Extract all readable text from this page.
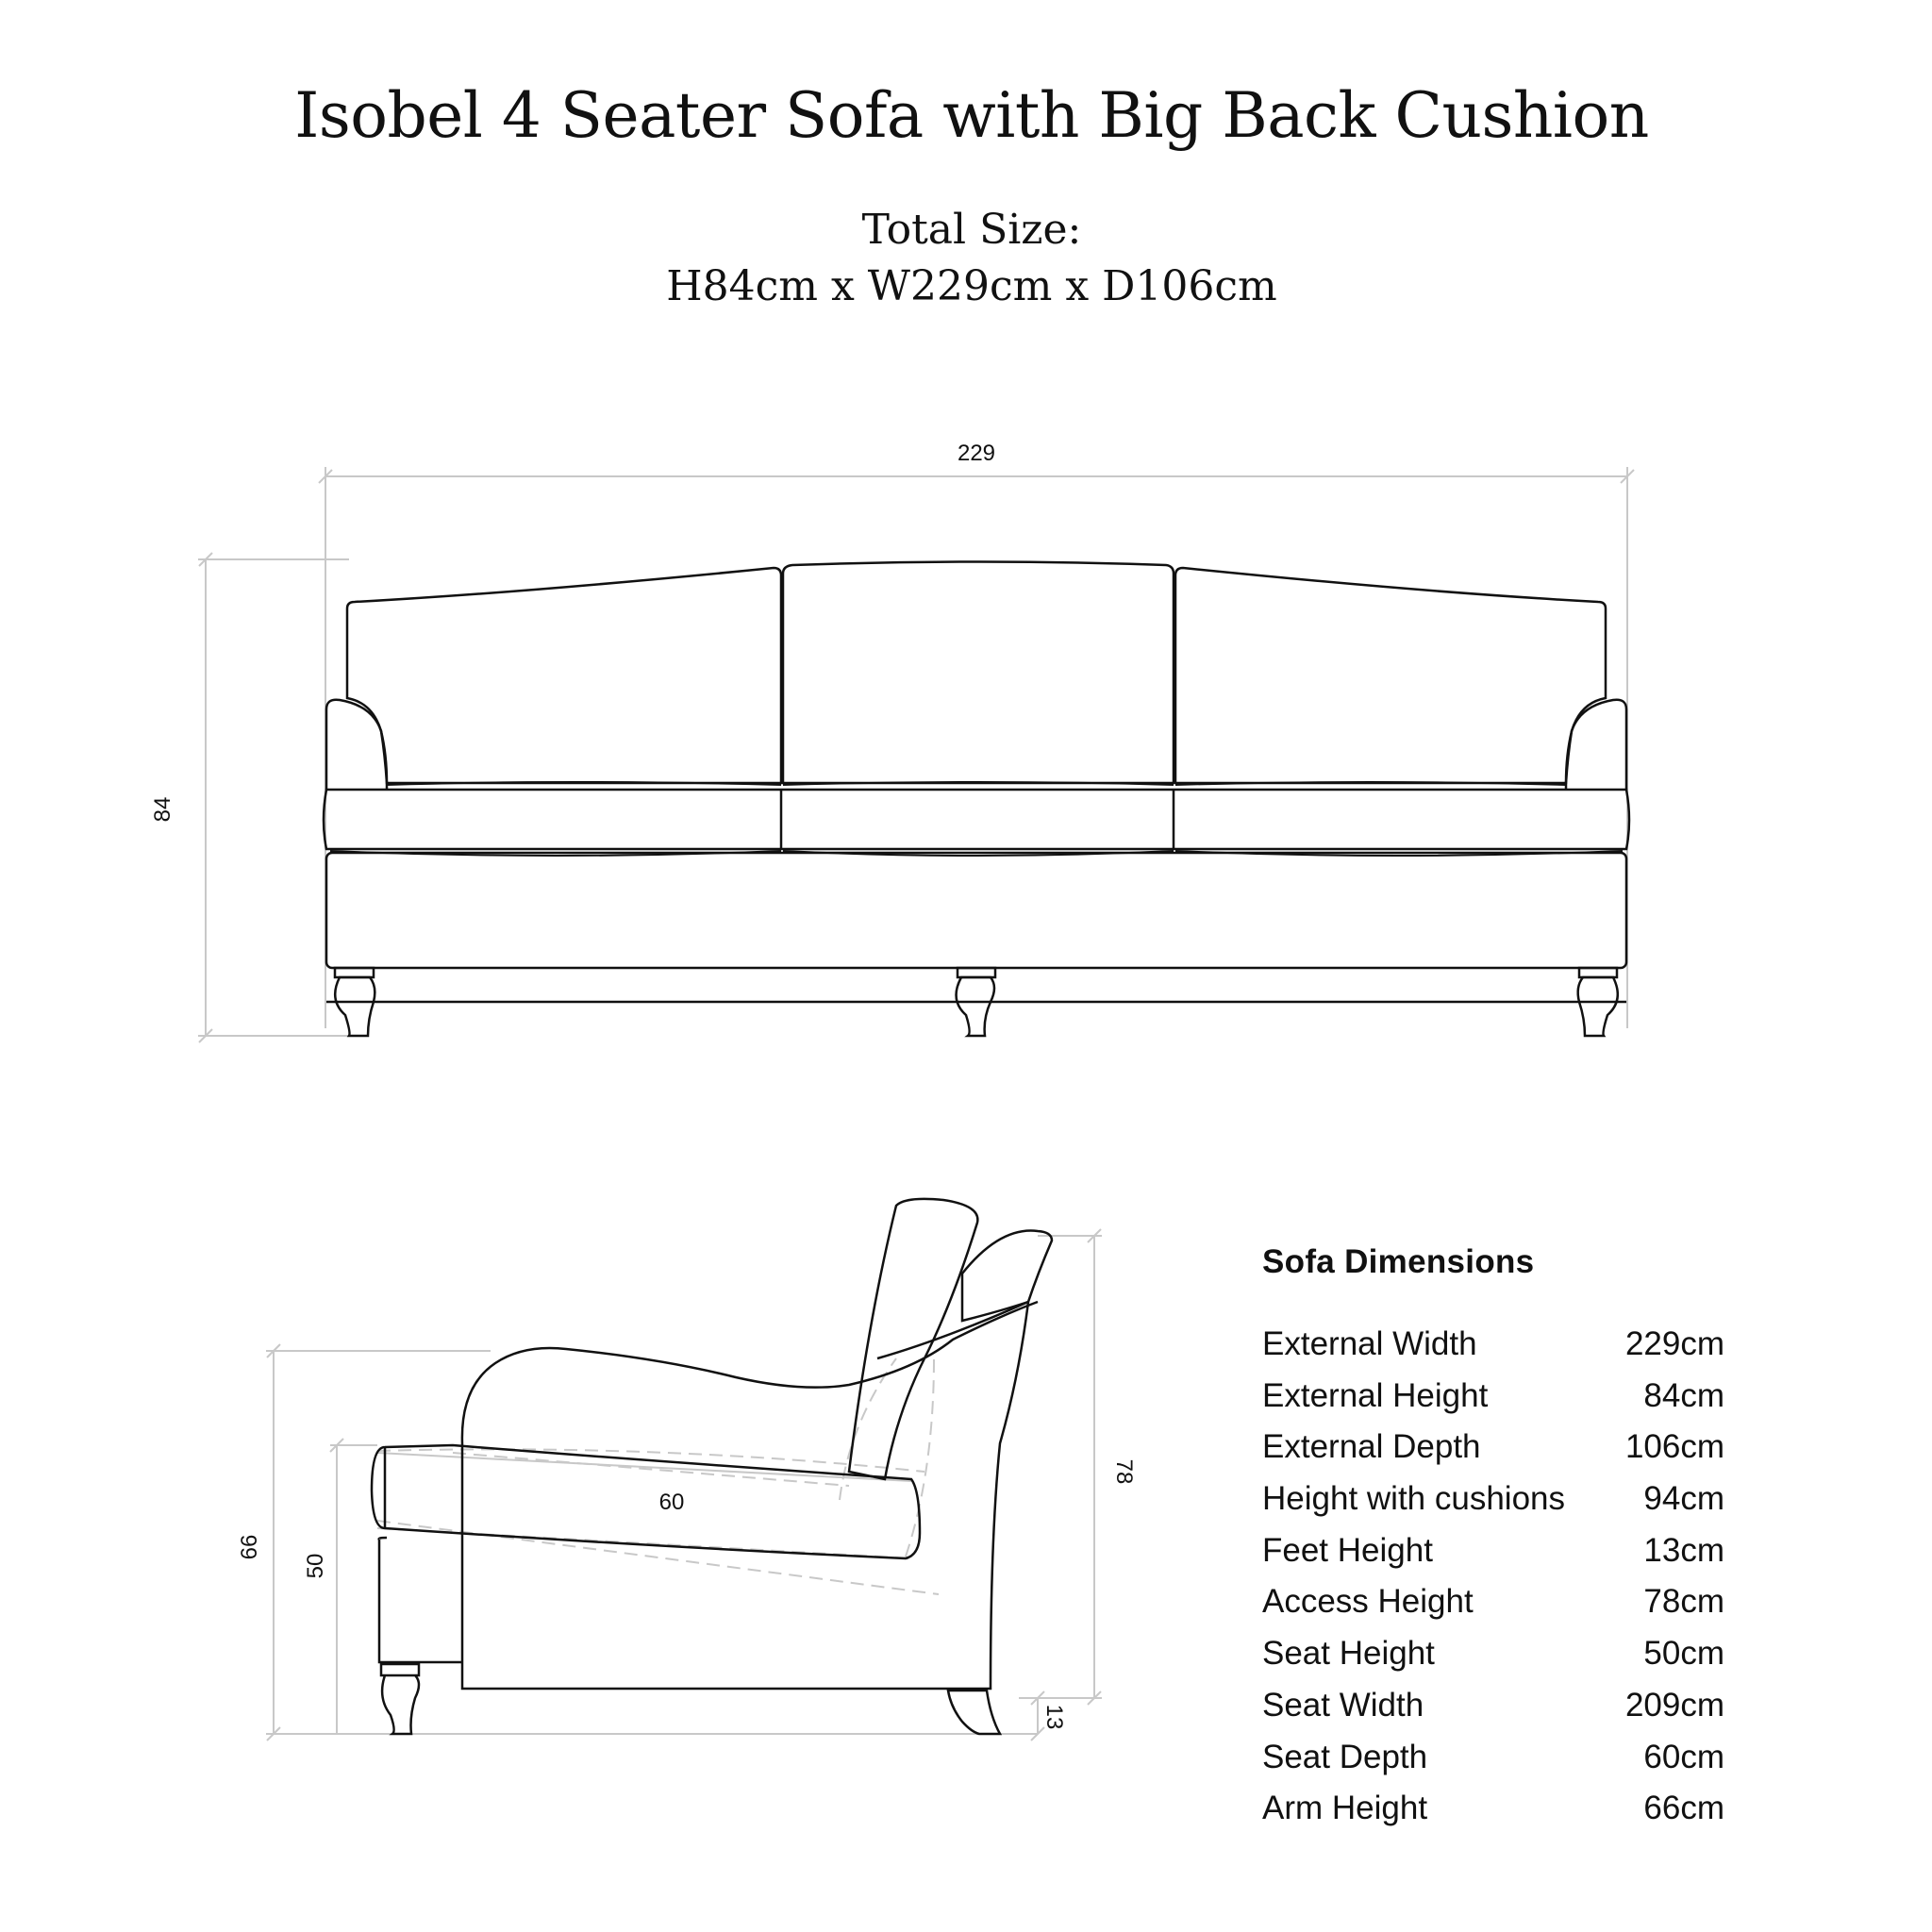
Isobel 4 Seater Sofa with Big Back Cushion
Total Size:
H84cm x W229cm x D106cm
229
84
66
50
60
78
13
Sofa Dimensions
External Width	229cm
External Height	84cm
External Depth	106cm
Height with cushions 94cm
Feet Height	13cm
Access Height	78cm
Seat Height	50cm
Seat Width	209cm
Seat Depth	60cm
Arm Height	66cm
